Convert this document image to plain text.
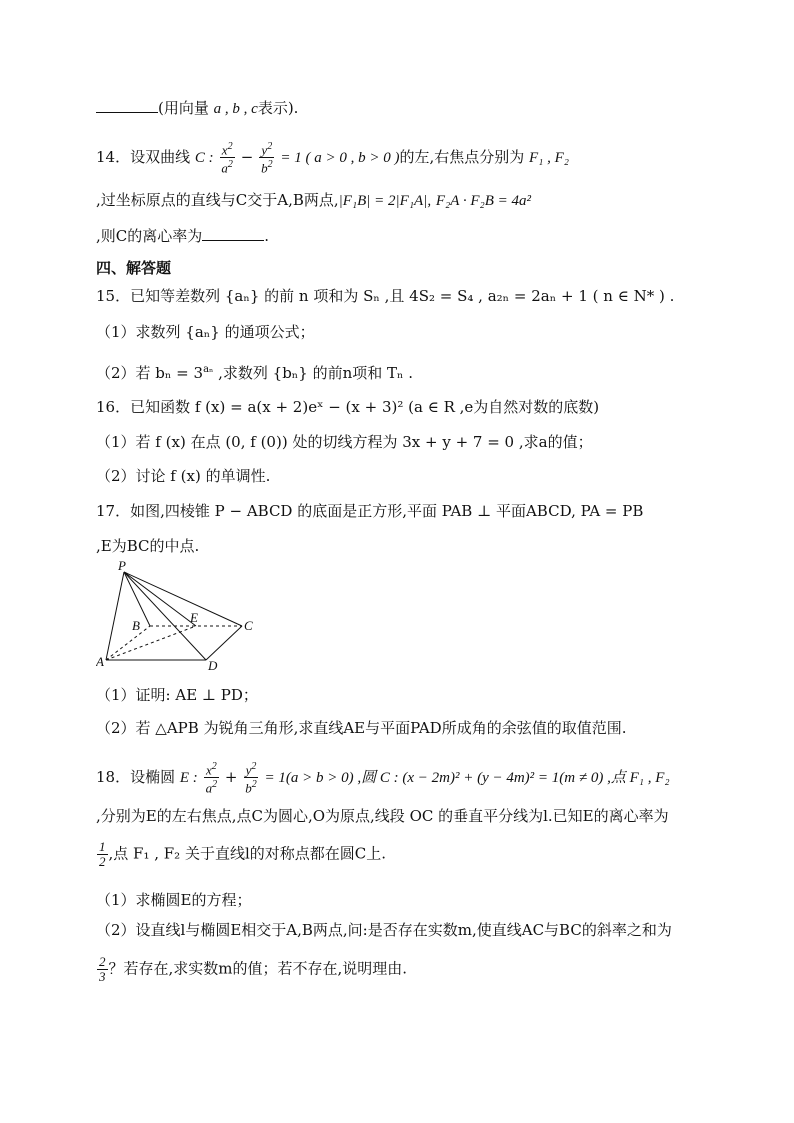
(用向量 a , b , c表示).
14．设双曲线 C : $\frac{x^2}{a^2} - \frac{y^2}{b^2} = 1$ ( a > 0 , b > 0 )的左,右焦点分别为 F₁ , F₂
,过坐标原点的直线与C交于A,B两点,|F₁B| = 2|F₁A|, F₂A · F₂B = 4a²
,则C的离心率为	.
四、解答题
15．已知等差数列 {aₙ} 的前 n 项和为 Sₙ ,且 4S₂ = S₄ , a₂ₙ = 2aₙ + 1 ( n ∈ N* ) .
（1）求数列 {aₙ} 的通项公式；
（2）若 $b_n = 3^{a_n}$ ,求数列 {bₙ} 的前n项和 Tₙ .
16．已知函数 f (x) = a(x + 2)eˣ − (x + 3)² (a ∈ R ,e为自然对数的底数)
（1）若 f (x) 在点 (0, f (0)) 处的切线方程为 3x + y + 7 = 0 ,求a的值；
（2）讨论 f (x) 的单调性.
17．如图,四棱锥 P − ABCD 的底面是正方形,平面 PAB ⊥ 平面ABCD, PA = PB
,E为BC的中点.
P
B
E
C
A	D
（1）证明: AE ⊥ PD；
（2）若 △APB 为锐角三角形,求直线AE与平面PAD所成角的余弦值的取值范围.
18．设椭圆 E : $\frac{x^2}{a^2} + \frac{y^2}{b^2} = 1(a > b > 0)$ ,圆 C : (x − 2m)² + (y − 4m)² = 1(m ≠ 0) ,点 F₁ , F₂
,分别为E的左右焦点,点C为圆心,O为原点,线段 OC 的垂直平分线为l.已知E的离心率为
$\frac{1}{2}$ ,点 F₁ , F₂ 关于直线l的对称点都在圆C上.
（1）求椭圆E的方程；
（2）设直线l与椭圆E相交于A,B两点,问:是否存在实数m,使直线AC与BC的斜率之和为
$\frac{2}{3}$ ？若存在,求实数m的值；若不存在,说明理由.
